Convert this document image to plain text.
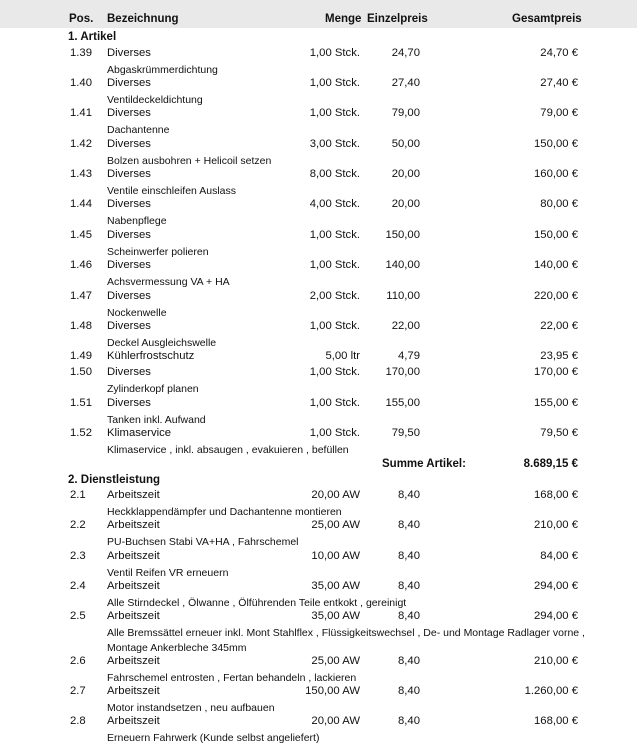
Pos. Bezeichnung	Menge Einzelpreis	Gesamtpreis
1. Artikel
1.39 Diverses	1,00 Stck.	24,70	24,70 €
Abgaskrümmerdichtung
1.40 Diverses	1,00 Stck.	27,40	27,40 €
Ventildeckeldichtung
1.41 Diverses	1,00 Stck.	79,00	79,00 €
Dachantenne
1.42 Diverses	3,00 Stck.	50,00	150,00 €
Bolzen ausbohren + Helicoil setzen
1.43 Diverses	8,00 Stck.	20,00	160,00 €
Ventile einschleifen Auslass
1.44 Diverses	4,00 Stck.	20,00	80,00 €
Nabenpflege
1.45 Diverses	1,00 Stck.	150,00	150,00 €
Scheinwerfer polieren
1.46 Diverses	1,00 Stck.	140,00	140,00 €
Achsvermessung VA + HA
1.47 Diverses	2,00 Stck.	110,00	220,00 €
Nockenwelle
1.48 Diverses	1,00 Stck.	22,00	22,00 €
Deckel Ausgleichswelle
1.49 Kühlerfrostschutz	5,00 ltr	4,79	23,95 €
1.50 Diverses	1,00 Stck.	170,00	170,00 €
Zylinderkopf planen
1.51 Diverses	1,00 Stck.	155,00	155,00 €
Tanken inkl. Aufwand
1.52 Klimaservice	1,00 Stck.	79,50	79,50 €
Klimaservice , inkl. absaugen , evakuieren , befüllen
Summe Artikel:	8.689,15 €
2. Dienstleistung
2.1 Arbeitszeit	20,00 AW	8,40	168,00 €
Heckklappendämpfer und Dachantenne montieren
2.2 Arbeitszeit	25,00 AW	8,40	210,00 €
PU-Buchsen Stabi VA+HA , Fahrschemel
2.3 Arbeitszeit	10,00 AW	8,40	84,00 €
Ventil Reifen VR erneuern
2.4 Arbeitszeit	35,00 AW	8,40	294,00 €
Alle Stirndeckel , Ölwanne , Ölführenden Teile entkokt , gereinigt
2.5 Arbeitszeit	35,00 AW	8,40	294,00 €
Alle Bremssättel erneuer inkl. Mont Stahlflex , Flüssigkeitswechsel , De- und Montage Radlager vorne ,
Montage Ankerbleche 345mm
2.6 Arbeitszeit	25,00 AW	8,40	210,00 €
Fahrschemel entrosten , Fertan behandeln , lackieren
2.7 Arbeitszeit	150,00 AW	8,40	1.260,00 €
Motor instandsetzen , neu aufbauen
2.8 Arbeitszeit	20,00 AW	8,40	168,00 €
Erneuern Fahrwerk (Kunde selbst angeliefert)
